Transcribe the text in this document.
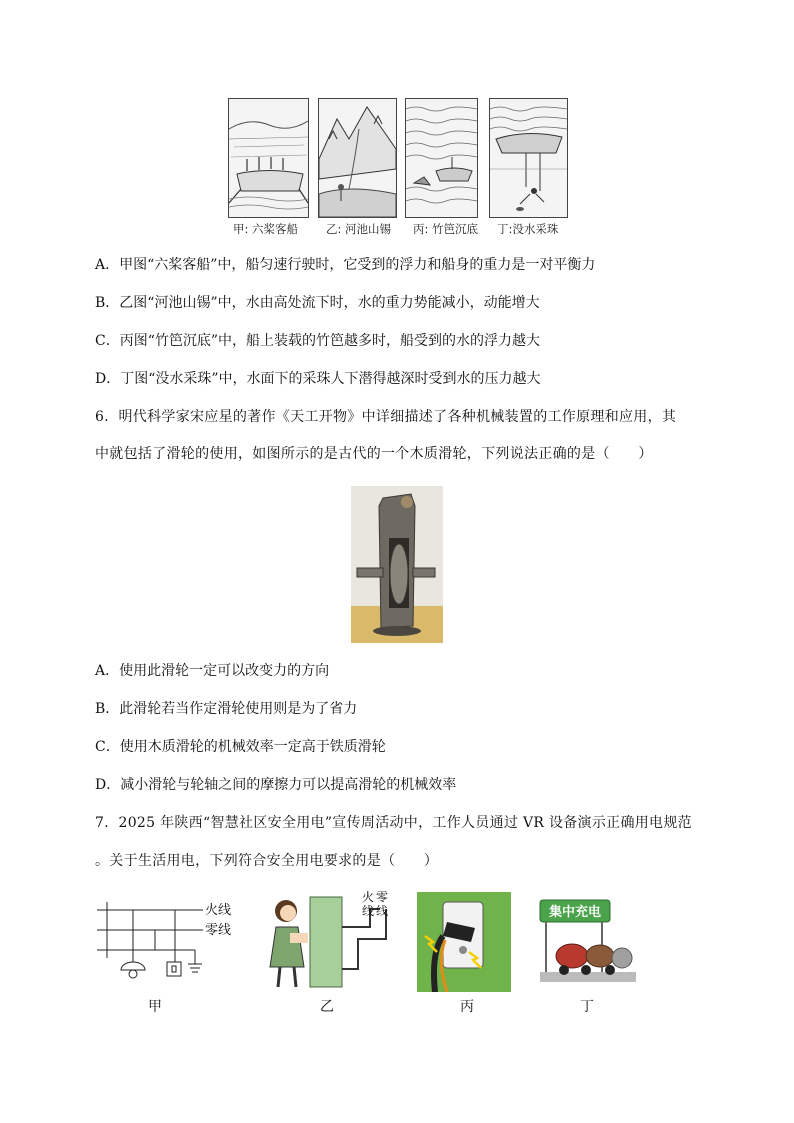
甲: 六桨客船 乙: 河池山锡 丙: 竹笆沉底 丁:没水采珠
A．甲图“六桨客船”中，船匀速行驶时，它受到的浮力和船身的重力是一对平衡力
B．乙图“河池山锡”中，水由高处流下时，水的重力势能减小，动能增大
C．丙图“竹笆沉底”中，船上装载的竹笆越多时，船受到的水的浮力越大
D．丁图“没水采珠”中，水面下的采珠人下潜得越深时受到水的压力越大
6．明代科学家宋应星的著作《天工开物》中详细描述了各种机械装置的工作原理和应用，其
中就包括了滑轮的使用，如图所示的是古代的一个木质滑轮，下列说法正确的是（　　）
A．使用此滑轮一定可以改变力的方向
B．此滑轮若当作定滑轮使用则是为了省力
C．使用木质滑轮的机械效率一定高于铁质滑轮
D．减小滑轮与轮轴之间的摩擦力可以提高滑轮的机械效率
7．2025 年陕西“智慧社区安全用电”宣传周活动中，工作人员通过 VR 设备演示正确用电规范
。关于生活用电，下列符合安全用电要求的是（　　）
火线
零线
火 零
线 线	集中充电
甲	乙	丙	丁
